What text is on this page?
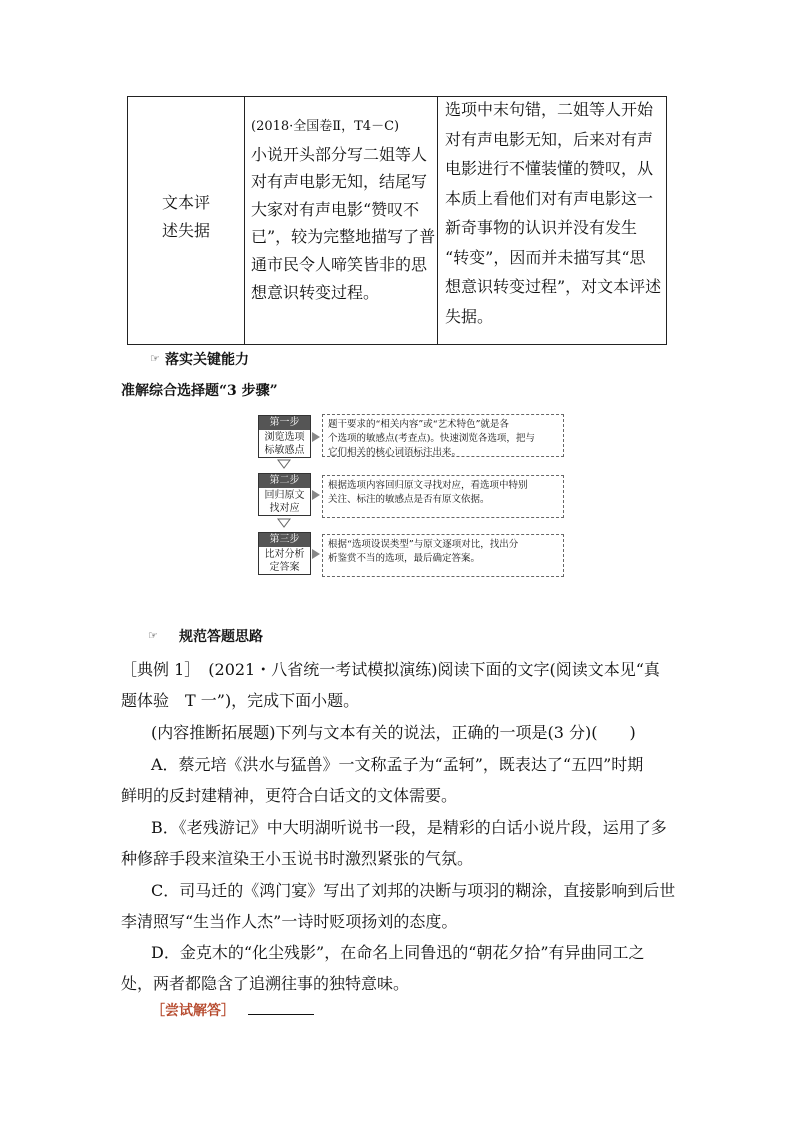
文本评
述失据
(2018·全国卷Ⅱ，T4－C)
小说开头部分写二姐等人
对有声电影无知，结尾写
大家对有声电影“赞叹不
已”，较为完整地描写了普
通市民令人啼笑皆非的思
想意识转变过程。
选项中末句错，二姐等人开始
对有声电影无知，后来对有声
电影进行不懂装懂的赞叹，从
本质上看他们对有声电影这一
新奇事物的认识并没有发生
“转变”，因而并未描写其“思
想意识转变过程”，对文本评述
失据。
☞ 落实关键能力
准解综合选择题“3 步骤”
第一步
浏览选项
标敏感点
题干要求的“相关内容”或“艺术特色”就是各
个选项的敏感点(考查点)。快速浏览各选项，把与
它们相关的核心词语标注出来。
第二步
回归原文
找对应
根据选项内容回归原文寻找对应，看选项中特别
关注、标注的敏感点是否有原文依据。
第三步
比对分析
定答案
根据“选项设误类型”与原文逐项对比，找出分
析鉴赏不当的选项，最后确定答案。
☞ 规范答题思路
［典例 1］　(2021・八省统一考试模拟演练)阅读下面的文字(阅读文本见“真
题体验　T 一”)，完成下面小题。
(内容推断拓展题)下列与文本有关的说法，正确的一项是(3 分)(　　)
A．蔡元培《洪水与猛兽》一文称孟子为“孟轲”，既表达了“五四”时期
鲜明的反封建精神，更符合白话文的文体需要。
B．《老残游记》中大明湖听说书一段，是精彩的白话小说片段，运用了多
种修辞手段来渲染王小玉说书时激烈紧张的气氛。
C．司马迁的《鸿门宴》写出了刘邦的决断与项羽的糊涂，直接影响到后世
李清照写“生当作人杰”一诗时贬项扬刘的态度。
D．金克木的“化尘残影”，在命名上同鲁迅的“朝花夕拾”有异曲同工之
处，两者都隐含了追溯往事的独特意味。
［尝试解答］
